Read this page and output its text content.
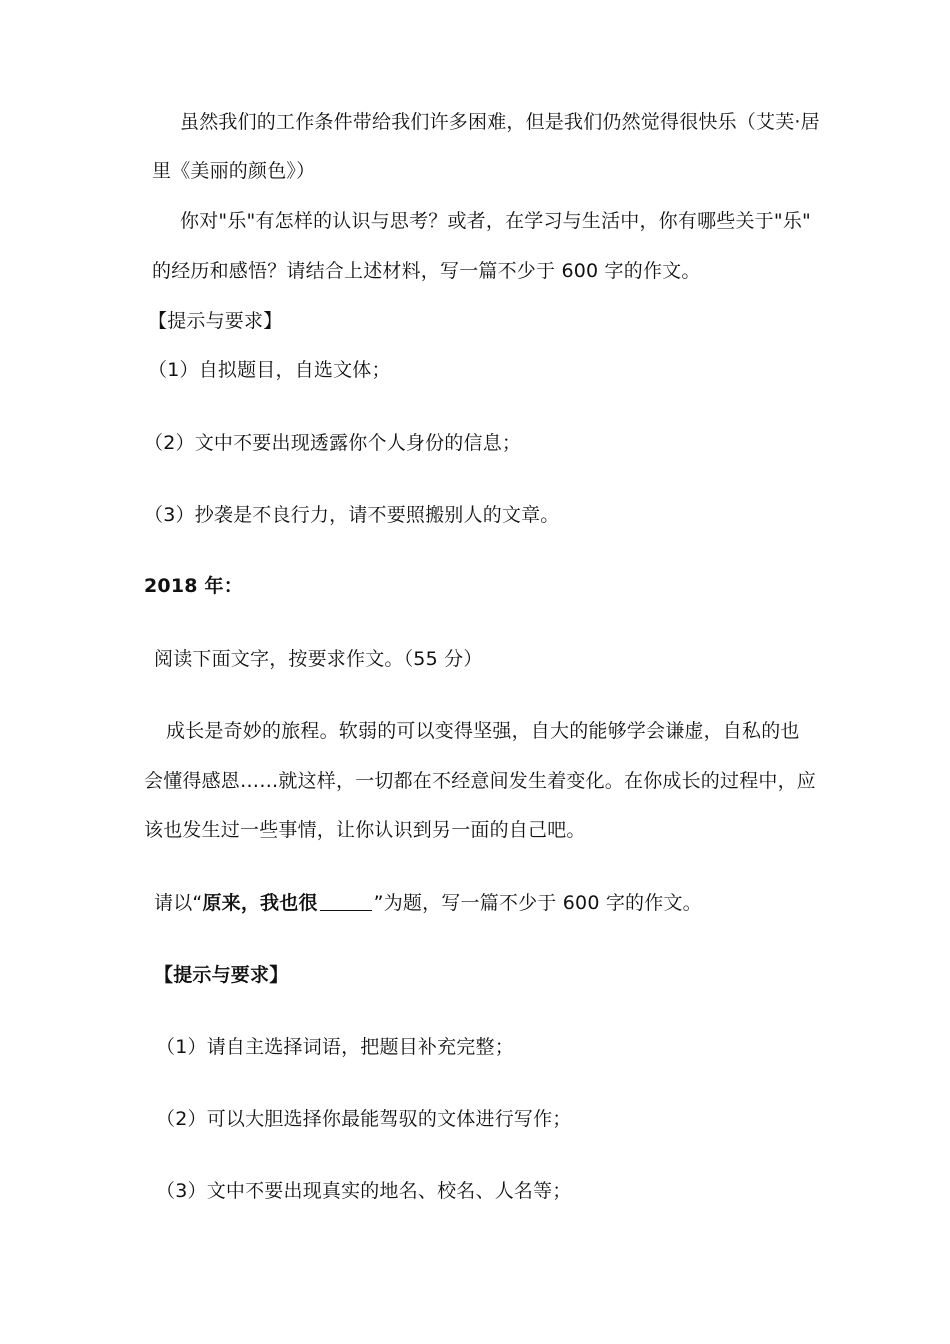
虽然我们的工作条件带给我们许多困难，但是我们仍然觉得很快乐（艾芙·居
里《美丽的颜色》）
你对"乐"有怎样的认识与思考？或者，在学习与生活中，你有哪些关于"乐"
的经历和感悟？请结合上述材料，写一篇不少于 600 字的作文。
【提示与要求】
（1）自拟题目，自选文体；
（2）文中不要出现透露你个人身份的信息；
（3）抄袭是不良行力，请不要照搬别人的文章。
2018 年：
阅读下面文字，按要求作文。（55 分）
成长是奇妙的旅程。软弱的可以变得坚强，自大的能够学会谦虚，自私的也
会懂得感恩……就这样，一切都在不经意间发生着变化。在你成长的过程中，应
该也发生过一些事情，让你认识到另一面的自己吧。
请以“原来，我也很	”为题，写一篇不少于 600 字的作文。
【提示与要求】
（1）请自主选择词语，把题目补充完整；
（2）可以大胆选择你最能驾驭的文体进行写作；
（3）文中不要出现真实的地名、校名、人名等；
